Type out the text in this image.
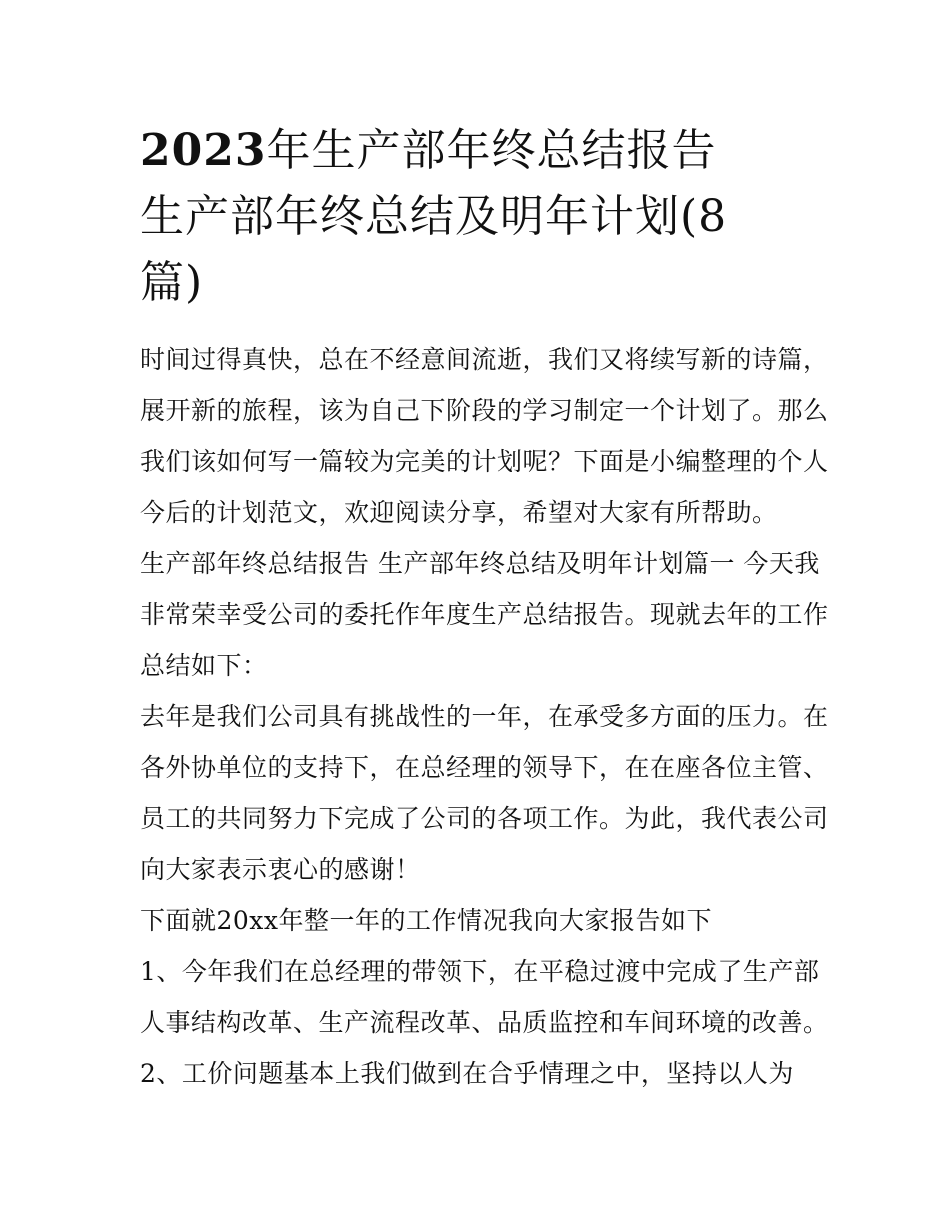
2023年生产部年终总结报告
生产部年终总结及明年计划(8
篇)

时间过得真快，总在不经意间流逝，我们又将续写新的诗篇，
展开新的旅程，该为自己下阶段的学习制定一个计划了。那么
我们该如何写一篇较为完美的计划呢？下面是小编整理的个人
今后的计划范文，欢迎阅读分享，希望对大家有所帮助。

生产部年终总结报告 生产部年终总结及明年计划篇一 今天我
非常荣幸受公司的委托作年度生产总结报告。现就去年的工作
总结如下：

去年是我们公司具有挑战性的一年，在承受多方面的压力。在
各外协单位的支持下，在总经理的领导下，在在座各位主管、
员工的共同努力下完成了公司的各项工作。为此，我代表公司
向大家表示衷心的感谢！

下面就20xx年整一年的工作情况我向大家报告如下

1、今年我们在总经理的带领下，在平稳过渡中完成了生产部
人事结构改革、生产流程改革、品质监控和车间环境的改善。

2、工价问题基本上我们做到在合乎情理之中，坚持以人为
